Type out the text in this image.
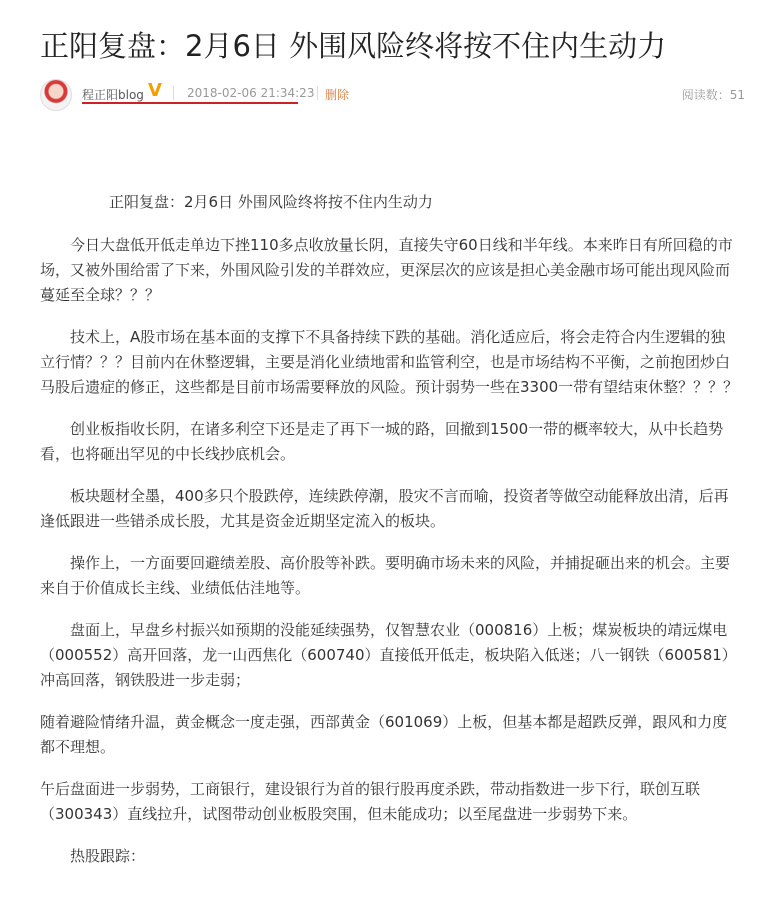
正阳复盘：2月6日 外围风险终将按不住内生动力
程正阳blog V 2018-02-06 21:34:23 删除	阅读数：51

正阳复盘：2月6日 外围风险终将按不住内生动力

今日大盘低开低走单边下挫110多点收放量长阴，直接失守60日线和半年线。本来昨日有所回稳的市场，又被外围给雷了下来，外围风险引发的羊群效应，更深层次的应该是担心美金融市场可能出现风险而蔓延至全球？？？

技术上，A股市场在基本面的支撑下不具备持续下跌的基础。消化适应后，将会走符合内生逻辑的独立行情？？？目前内在休整逻辑，主要是消化业绩地雷和监管利空，也是市场结构不平衡，之前抱团炒白马股后遗症的修正，这些都是目前市场需要释放的风险。预计弱势一些在3300一带有望结束休整？？？？

创业板指收长阴，在诸多利空下还是走了再下一城的路，回撤到1500一带的概率较大，从中长趋势看，也将砸出罕见的中长线抄底机会。

板块题材全墨，400多只个股跌停，连续跌停潮，股灾不言而喻，投资者等做空动能释放出清，后再逢低跟进一些错杀成长股，尤其是资金近期坚定流入的板块。

操作上，一方面要回避绩差股、高价股等补跌。要明确市场未来的风险，并捕捉砸出来的机会。主要来自于价值成长主线、业绩低估洼地等。

盘面上，早盘乡村振兴如预期的没能延续强势，仅智慧农业（000816）上板；煤炭板块的靖远煤电（000552）高开回落，龙一山西焦化（600740）直接低开低走，板块陷入低迷；八一钢铁（600581）冲高回落，钢铁股进一步走弱；

随着避险情绪升温，黄金概念一度走强，西部黄金（601069）上板，但基本都是超跌反弹，跟风和力度都不理想。

午后盘面进一步弱势，工商银行，建设银行为首的银行股再度杀跌，带动指数进一步下行，联创互联（300343）直线拉升，试图带动创业板股突围，但未能成功；以至尾盘进一步弱势下来。

热股跟踪：
